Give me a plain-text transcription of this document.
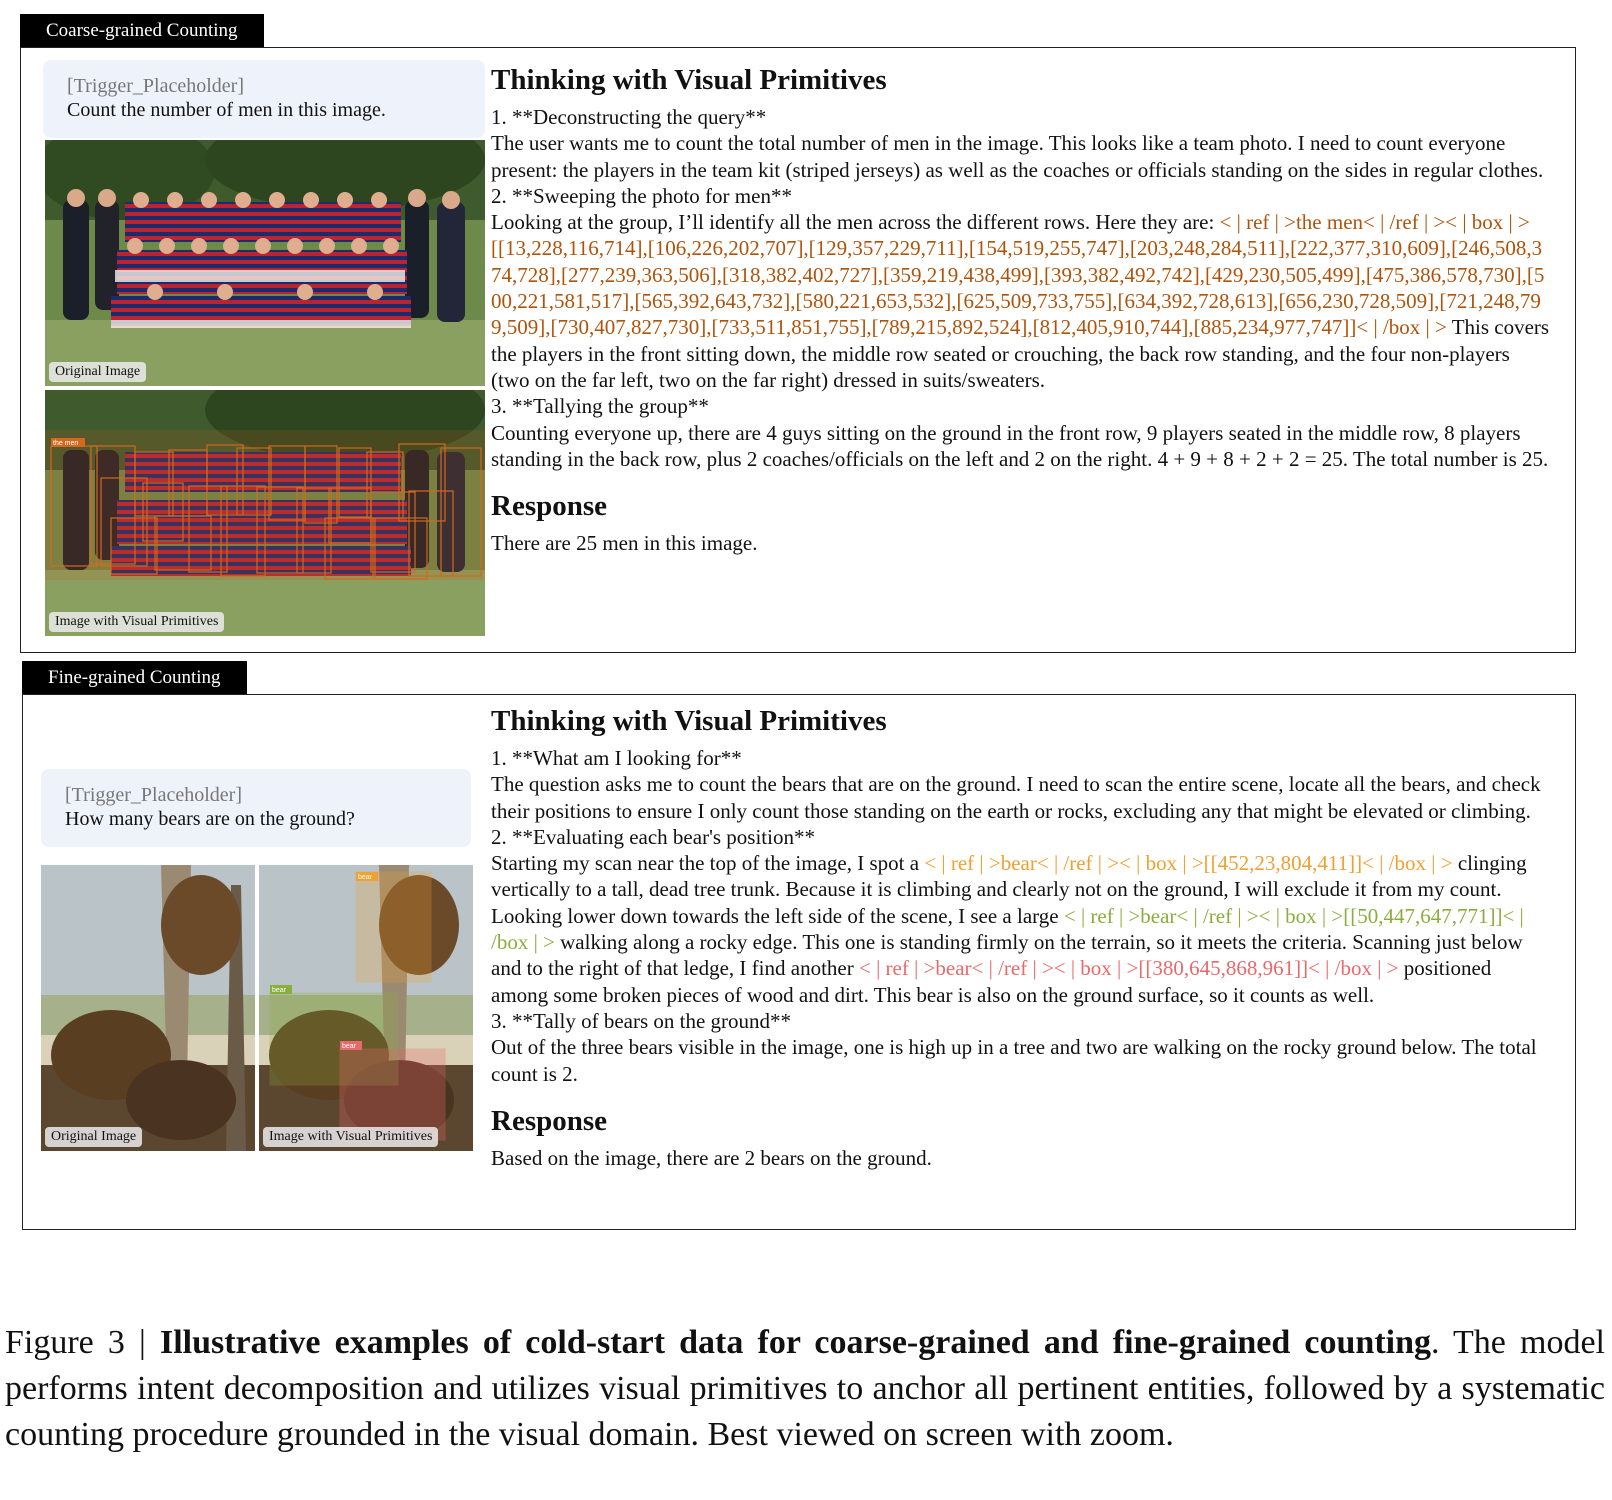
Coarse-grained Counting
[Trigger_Placeholder]
Count the number of men in this image.
Original Image
the men
Image with Visual Primitives
Thinking with Visual Primitives

1. **Deconstructing the query**

The user wants me to count the total number of men in the image. This looks like a team photo. I need to count everyone present: the players in the team kit (striped jerseys) as well as the coaches or officials standing on the sides in regular clothes.

2. **Sweeping the photo for men**

Looking at the group, I’ll identify all the men across the different rows. Here they are: < | ref | >the men< | /ref | >< | box | >[[13,228,116,714],[106,226,202,707],[129,357,229,711],[154,519,255,747],[203,248,284,511],[222,377,310,609],[246,508,374,728],[277,239,363,506],[318,382,402,727],[359,219,438,499],[393,382,492,742],[429,230,505,499],[475,386,578,730],[500,221,581,517],[565,392,643,732],[580,221,653,532],[625,509,733,755],[634,392,728,613],[656,230,728,509],[721,248,799,509],[730,407,827,730],[733,511,851,755],[789,215,892,524],[812,405,910,744],[885,234,977,747]]< | /box | > This covers the players in the front sitting down, the middle row seated or crouching, the back row standing, and the four non-players (two on the far left, two on the far right) dressed in suits/sweaters.

3. **Tallying the group**

Counting everyone up, there are 4 guys sitting on the ground in the front row, 9 players seated in the middle row, 8 players standing in the back row, plus 2 coaches/officials on the left and 2 on the right. 4 + 9 + 8 + 2 + 2 = 25. The total number is 25.

Response

There are 25 men in this image.

Fine-grained Counting
[Trigger_Placeholder]
How many bears are on the ground?
Original Image
bear
bear
bear
Image with Visual Primitives
Thinking with Visual Primitives

1. **What am I looking for**

The question asks me to count the bears that are on the ground. I need to scan the entire scene, locate all the bears, and check their positions to ensure I only count those standing on the earth or rocks, excluding any that might be elevated or climbing.

2. **Evaluating each bear's position**

Starting my scan near the top of the image, I spot a < | ref | >bear< | /ref | >< | box | >[[452,23,804,411]]< | /box | > clinging vertically to a tall, dead tree trunk. Because it is climbing and clearly not on the ground, I will exclude it from my count. Looking lower down towards the left side of the scene, I see a large < | ref | >bear< | /ref | >< | box | >[[50,447,647,771]]< | /box | > walking along a rocky edge. This one is standing firmly on the terrain, so it meets the criteria. Scanning just below and to the right of that ledge, I find another < | ref | >bear< | /ref | >< | box | >[[380,645,868,961]]< | /box | > positioned among some broken pieces of wood and dirt. This bear is also on the ground surface, so it counts as well.

3. **Tally of bears on the ground**

Out of the three bears visible in the image, one is high up in a tree and two are walking on the rocky ground below. The total count is 2.

Response

Based on the image, there are 2 bears on the ground.

Figure 3 | Illustrative examples of cold-start data for coarse-grained and fine-grained counting. The model performs intent decomposition and utilizes visual primitives to anchor all pertinent entities, followed by a systematic counting procedure grounded in the visual domain. Best viewed on screen with zoom.
